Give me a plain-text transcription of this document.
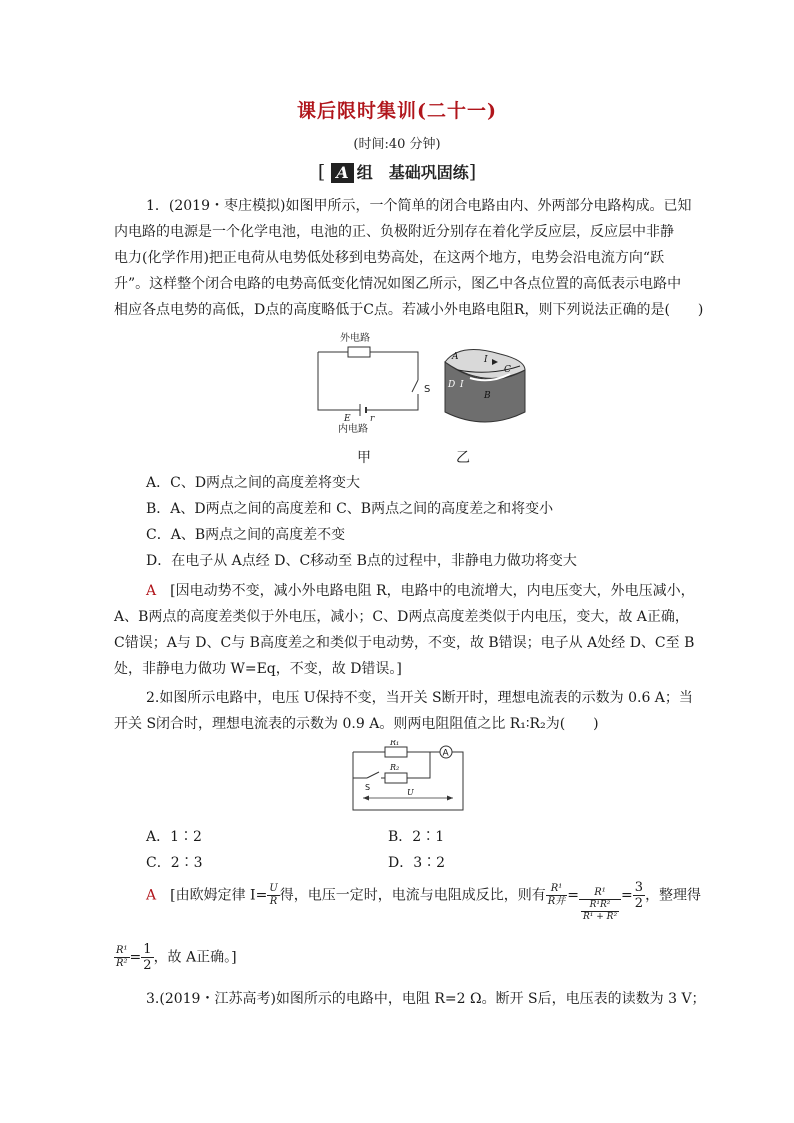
课后限时集训(二十一)
(时间:40 分钟)
[ A 组　基础巩固练]
1．(2019・枣庄模拟)如图甲所示，一个简单的闭合电路由内、外两部分电路构成。已知
内电路的电源是一个化学电池，电池的正、负极附近分别存在着化学反应层，反应层中非静
电力(化学作用)把正电荷从电势低处移到电势高处，在这两个地方，电势会沿电流方向“跃
升”。这样整个闭合电路的电势高低变化情况如图乙所示，图乙中各点位置的高低表示电路中
相应各点电势的高低，D点的高度略低于C点。若减小外电路电阻R，则下列说法正确的是(　　)
外电路
S
E r
内电路
甲
A	I
C
D I
B
乙
A．C、D两点之间的高度差将变大
B．A、D两点之间的高度差和 C、B两点之间的高度差之和将变小
C．A、B两点之间的高度差不变
D．在电子从 A点经 D、C移动至 B点的过程中，非静电力做功将变大
A　 [因电动势不变，减小外电路电阻 R，电路中的电流增大，内电压变大，外电压减小，
A、B两点的高度差类似于外电压，减小；C、D两点高度差类似于内电压，变大，故 A正确，
C错误；A与 D、C与 B高度差之和类似于电动势，不变，故 B错误；电子从 A处经 D、C至 B
处，非静电力做功 W=Eq，不变，故 D错误。]
2.如图所示电路中，电压 U保持不变，当开关 S断开时，理想电流表的示数为 0.6 A；当
开关 S闭合时，理想电流表的示数为 0.9 A。则两电阻阻值之比 R₁∶R₂为(　　)
A
R₁
R₂
S
U
A．1∶2	B．2∶1
C．2∶3	D．3∶2
A　 [由欧姆定律 $I= \frac{U}{R}$ 得，电压一定时，电流与电阻成反比，则有 $\frac{\text{R¹}}{\text{R并}} = \frac{\text{R¹}}{\frac{\text{R¹R²}}{\text{R¹ + R²}}} = \frac{3}{2}$ ，整理得
$\frac{\text{R¹}}{\text{R²}} = \frac{1}{2}$ ，故 A正确。]
3.(2019・江苏高考)如图所示的电路中，电阻 R=2 Ω。断开 S后，电压表的读数为 3 V；
